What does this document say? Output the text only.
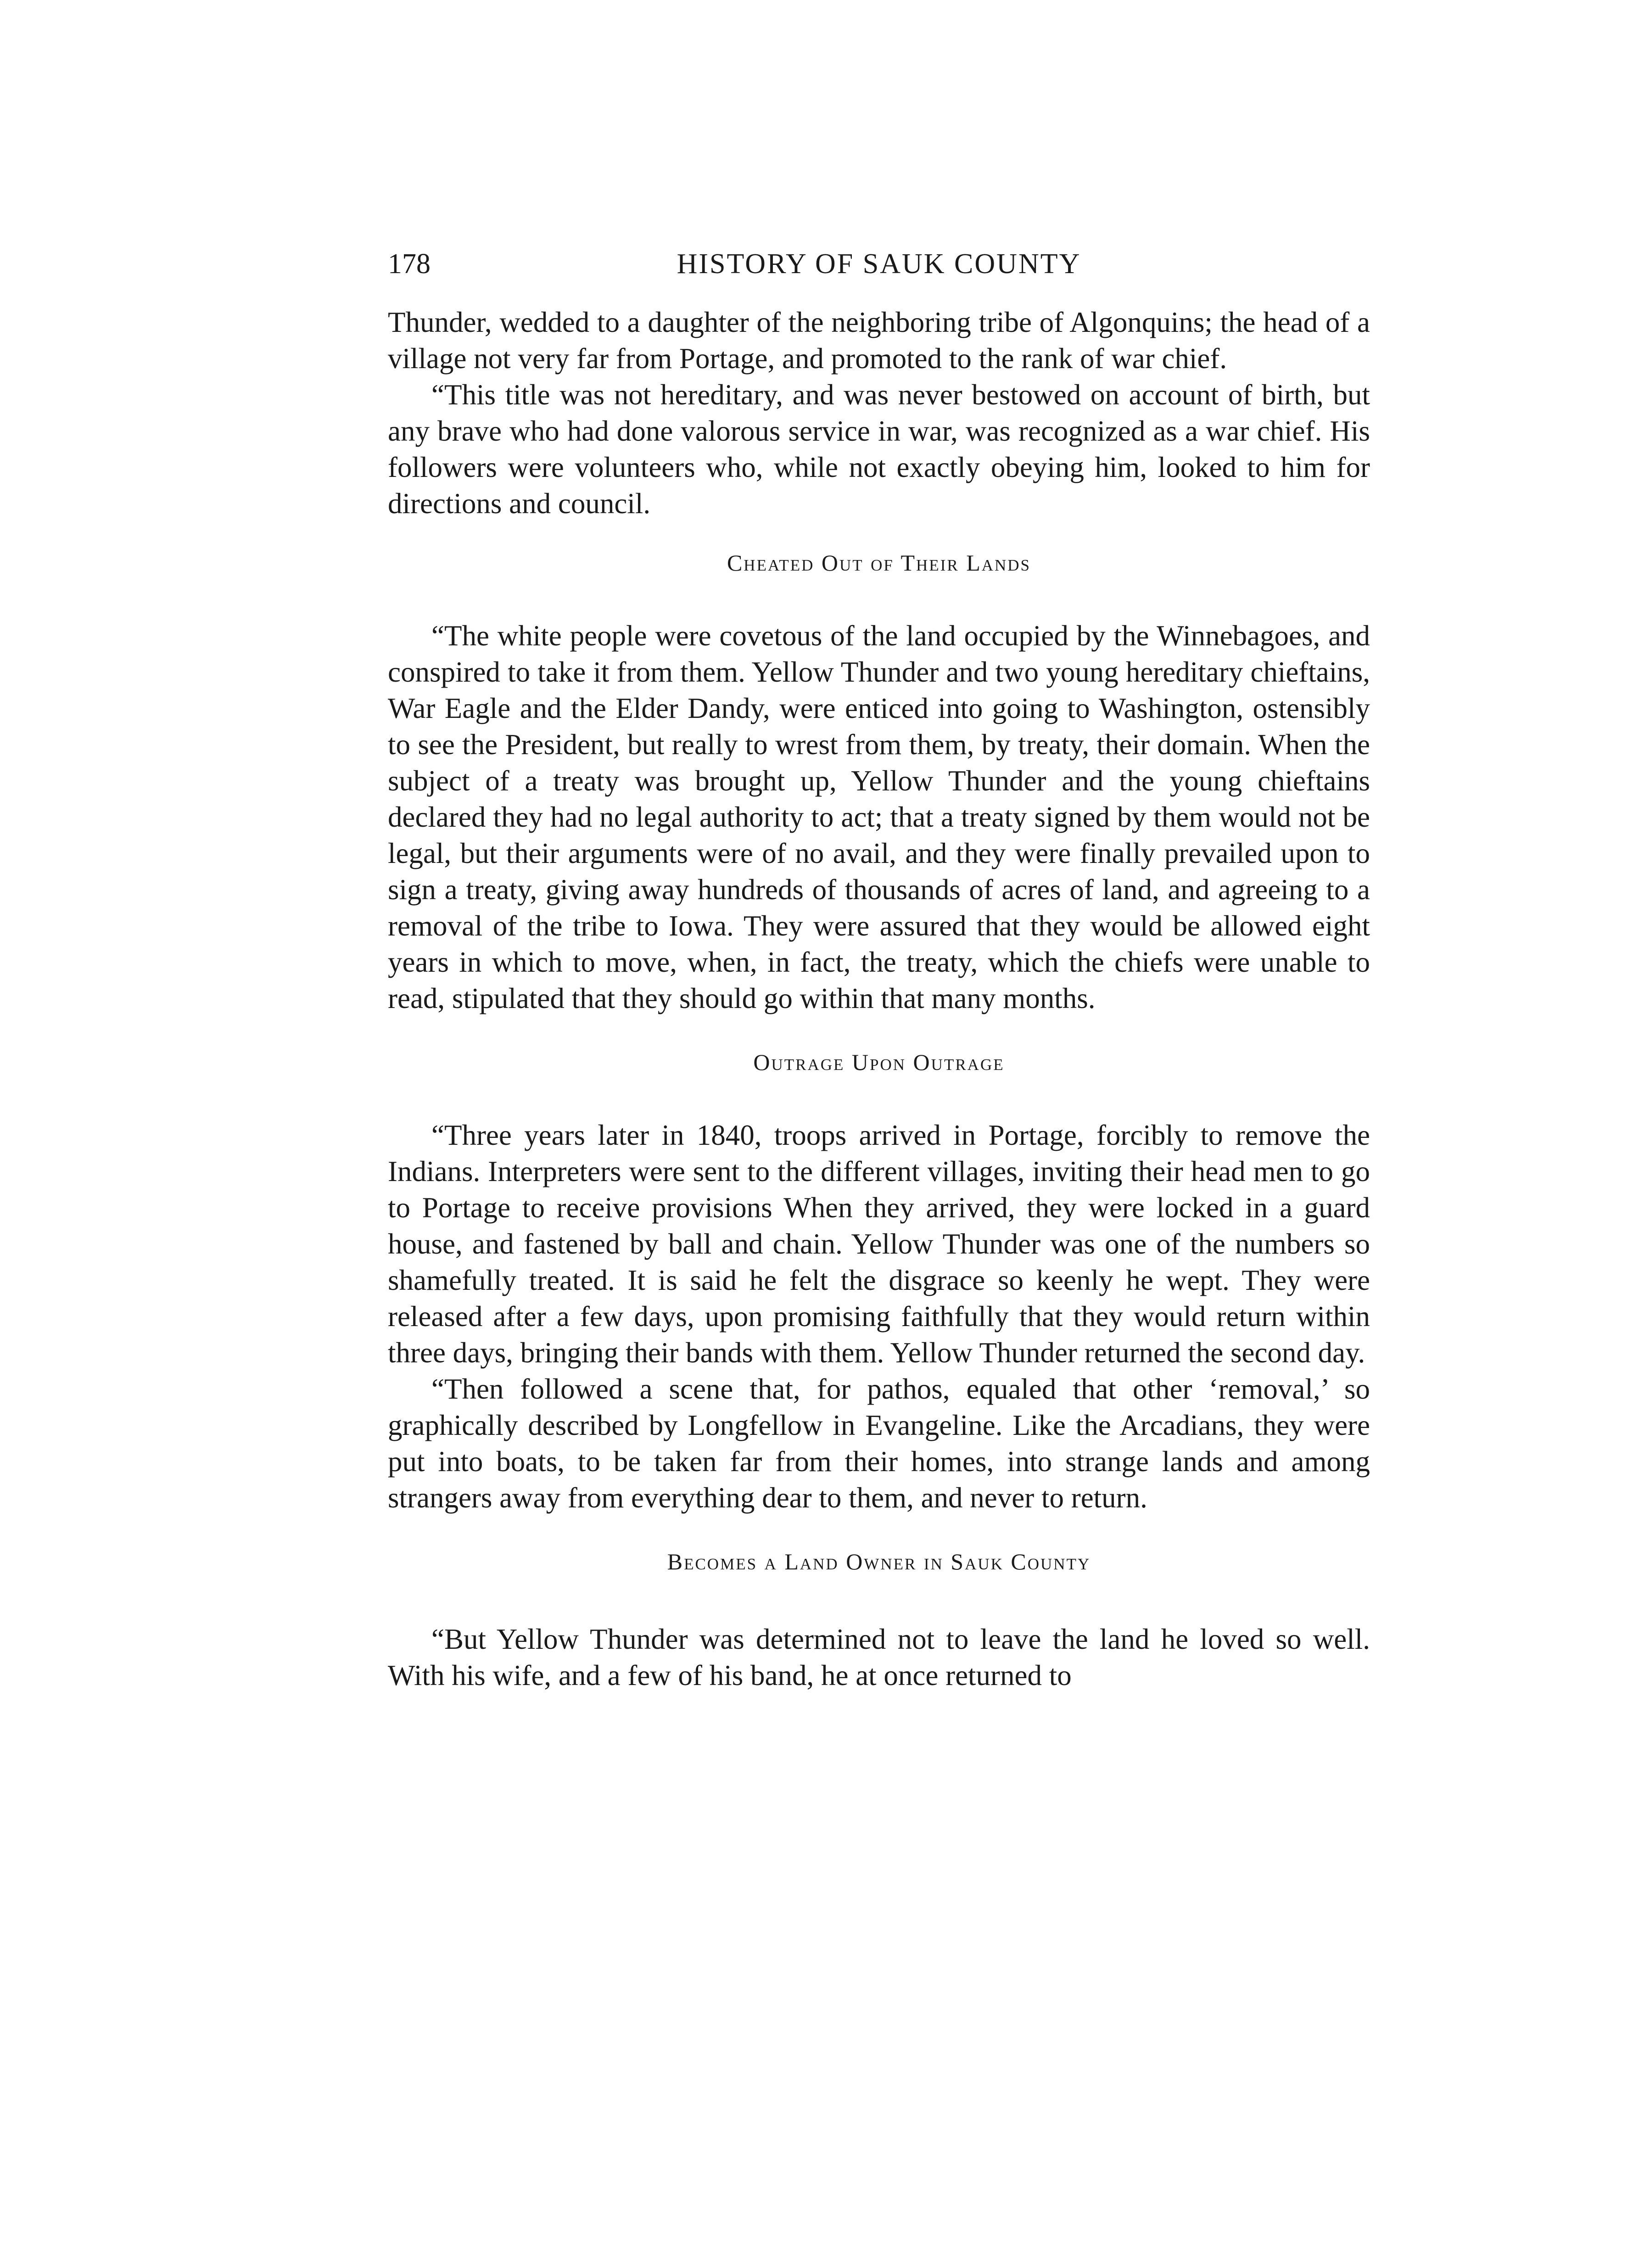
178	HISTORY OF SAUK COUNTY

Thunder, wedded to a daughter of the neighboring tribe of Algonquins; the head of a village not very far from Portage, and promoted to the rank of war chief.

“This title was not hereditary, and was never bestowed on account of birth, but any brave who had done valorous service in war, was recognized as a war chief. His followers were volunteers who, while not exactly obeying him, looked to him for directions and council.

Cheated Out of Their Lands

“The white people were covetous of the land occupied by the Winnebagoes, and conspired to take it from them. Yellow Thunder and two young hereditary chieftains, War Eagle and the Elder Dandy, were enticed into going to Washington, ostensibly to see the President, but really to wrest from them, by treaty, their domain. When the subject of a treaty was brought up, Yellow Thunder and the young chieftains declared they had no legal authority to act; that a treaty signed by them would not be legal, but their arguments were of no avail, and they were finally prevailed upon to sign a treaty, giving away hundreds of thousands of acres of land, and agreeing to a removal of the tribe to Iowa. They were assured that they would be allowed eight years in which to move, when, in fact, the treaty, which the chiefs were unable to read, stipulated that they should go within that many months.

Outrage Upon Outrage

“Three years later in 1840, troops arrived in Portage, forcibly to remove the Indians. Interpreters were sent to the different villages, inviting their head men to go to Portage to receive provisions When they arrived, they were locked in a guard house, and fastened by ball and chain. Yellow Thunder was one of the numbers so shamefully treated. It is said he felt the disgrace so keenly he wept. They were released after a few days, upon promising faithfully that they would return within three days, bringing their bands with them. Yellow Thunder returned the second day.

“Then followed a scene that, for pathos, equaled that other ‘removal,’ so graphically described by Longfellow in Evangeline. Like the Arcadians, they were put into boats, to be taken far from their homes, into strange lands and among strangers away from everything dear to them, and never to return.

Becomes a Land Owner in Sauk County

“But Yellow Thunder was determined not to leave the land he loved so well. With his wife, and a few of his band, he at once returned to
